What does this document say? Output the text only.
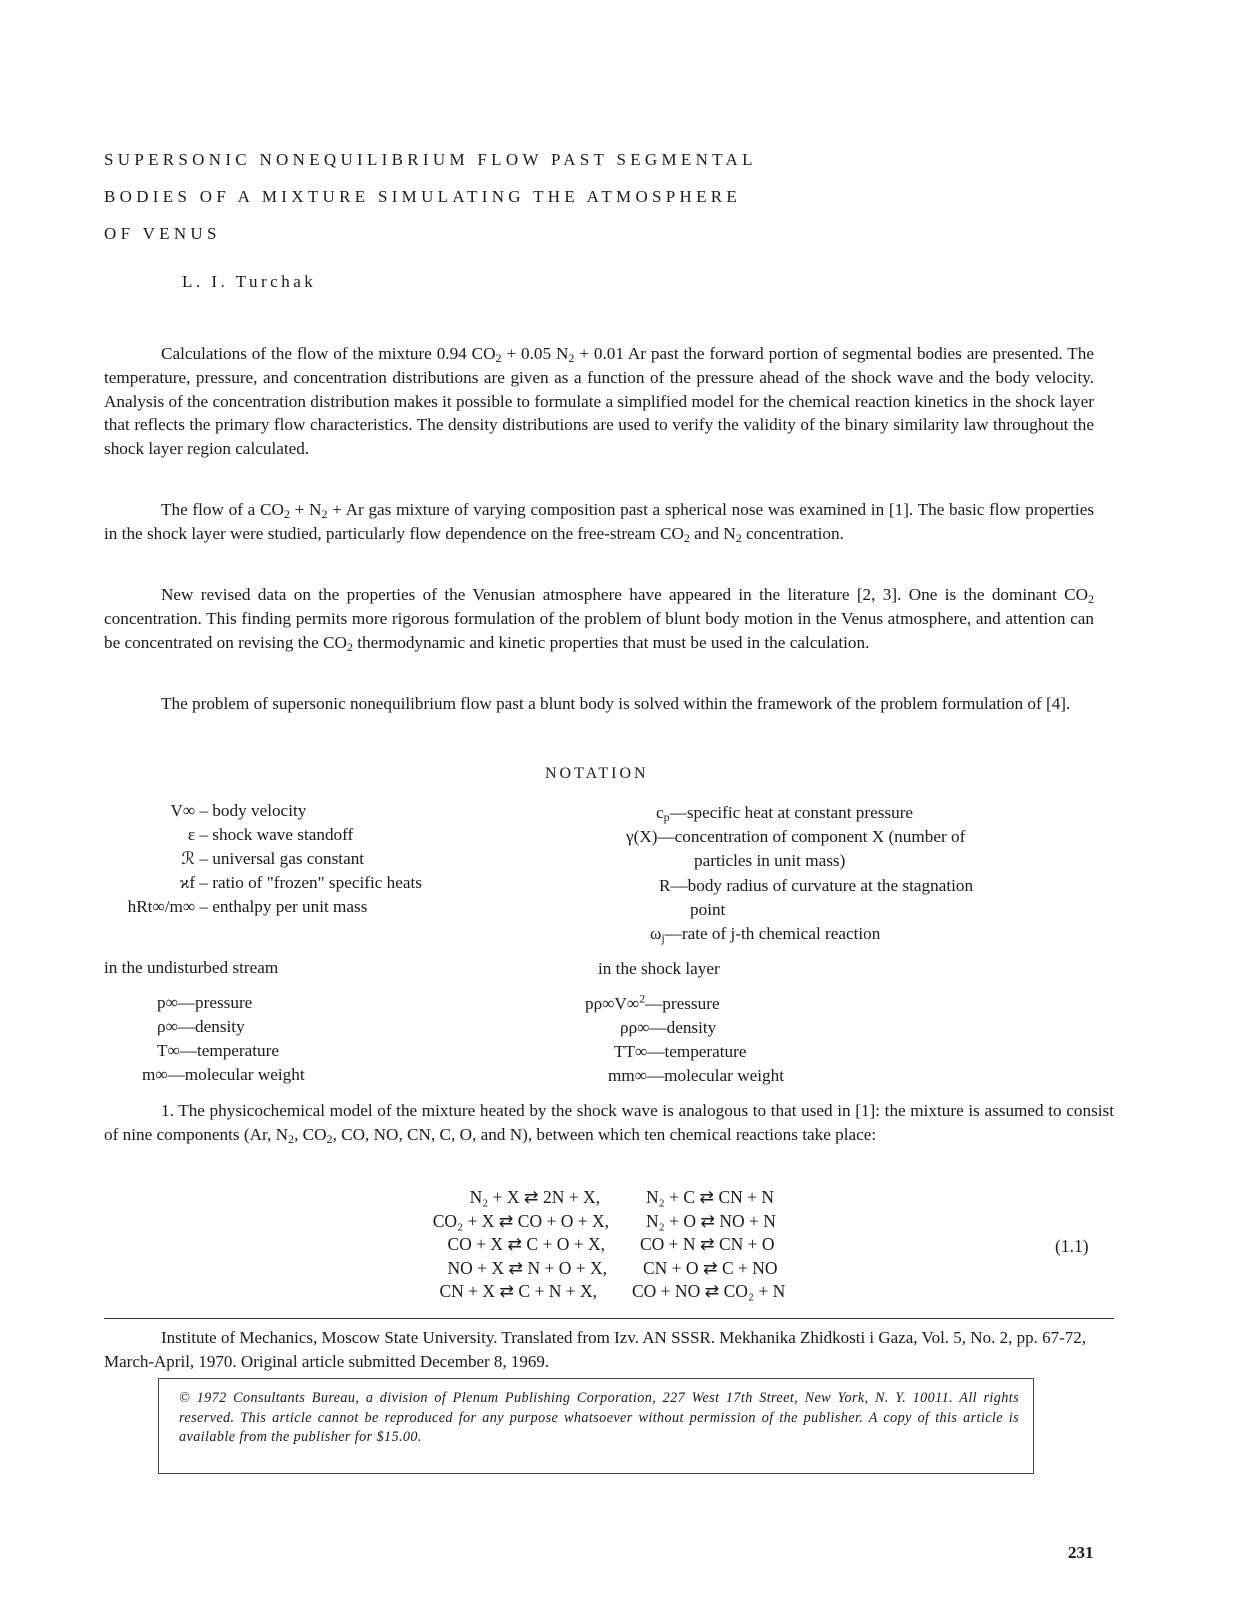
SUPERSONIC NONEQUILIBRIUM FLOW PAST SEGMENTAL
BODIES OF A MIXTURE SIMULATING THE ATMOSPHERE
OF VENUS
L. I. Turchak
Calculations of the flow of the mixture 0.94 $CO_2 + 0.05$ $N_2 + 0.01$ Ar past the forward portion of segmental bodies are presented. The temperature, pressure, and concentration distributions are given as a function of the pressure ahead of the shock wave and the body velocity. Analysis of the concentration distribution makes it possible to formulate a simplified model for the chemical reaction kinetics in the shock layer that reflects the primary flow characteristics. The density distributions are used to verify the validity of the binary similarity law throughout the shock layer region calculated.
The flow of a $CO_2 + N_2 + Ar$ gas mixture of varying composition past a spherical nose was examined in [1]. The basic flow properties in the shock layer were studied, particularly flow dependence on the free-stream $CO_2$ and $N_2$ concentration.
New revised data on the properties of the Venusian atmosphere have appeared in the literature [2, 3]. One is the dominant $CO_2$ concentration. This finding permits more rigorous formulation of the problem of blunt body motion in the Venus atmosphere, and attention can be concentrated on revising the $CO_2$ thermodynamic and kinetic properties that must be used in the calculation.
The problem of supersonic nonequilibrium flow past a blunt body is solved within the framework of the problem formulation of [4].
NOTATION
V∞ – body velocity
ε – shock wave standoff
ℛ – universal gas constant
ϰf – ratio of "frozen" specific heats
hRt∞/m∞ – enthalpy per unit mass
$c_p—specific$ heat at constant pressure
γ(X)—concentration of component X (number of
particles in unit mass)
R—body radius of curvature at the stagnation
point
$\omega_j—rate$ of j-th chemical reaction
in the undisturbed stream	in the shock layer
p∞—pressure
ρ∞—density
T∞—temperature
m∞—molecular weight
pρ∞V∞$^2$—pressure
ρρ∞—density
TT∞—temperature
mm∞—molecular weight
1. The physicochemical model of the mixture heated by the shock wave is analogous to that used in [1]: the mixture is assumed to consist of nine components (Ar, $N_2$, $CO_2$, CO, NO, CN, C, O, and N), between which ten chemical reactions take place:
N₂ + X ⇄ 2N + X,
CO₂ + X ⇄ CO + O + X,
CO + X ⇄ C + O + X,
NO + X ⇄ N + O + X,
CN + X ⇄ C + N + X,
N₂ + C ⇄ CN + N
N₂ + O ⇄ NO + N
CO + N ⇄ CN + O
CN + O ⇄ C + NO
CO + NO ⇄ CO₂ + N
(1.1)
Institute of Mechanics, Moscow State University. Translated from Izv. AN SSSR. Mekhanika Zhidkosti i Gaza, Vol. 5, No. 2, pp. 67-72, March-April, 1970. Original article submitted December 8, 1969.
© 1972 Consultants Bureau, a division of Plenum Publishing Corporation, 227 West 17th Street, New York, N. Y. 10011. All rights reserved. This article cannot be reproduced for any purpose whatsoever without permission of the publisher. A copy of this article is available from the publisher for $15.00.
231
